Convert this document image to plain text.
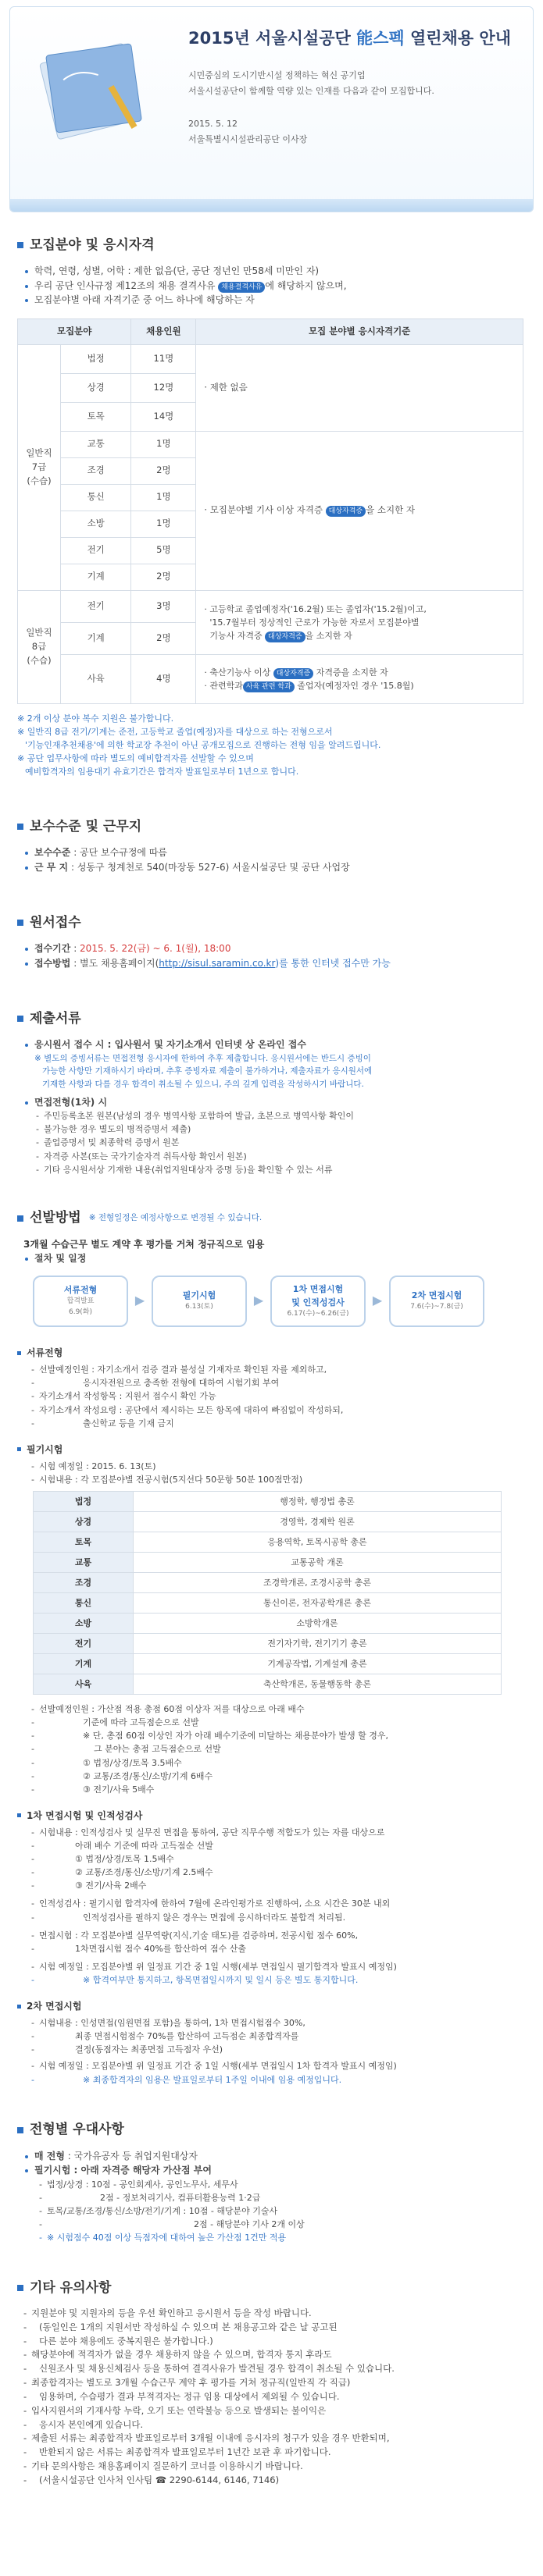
2015년 서울시설공단 能스펙 열린채용 안내
시민중심의 도시기반시설 정책하는 혁신 공기업
서울시설공단이 함께할 역량 있는 인재를 다음과 같이 모집합니다.
2015. 5. 12
서울특별시시설관리공단 이사장
모집분야 및 응시자격
학력, 연령, 성별, 어학 : 제한 없음(단, 공단 정년인 만58세 미만인 자)
우리 공단 인사규정 제12조의 채용 결격사유 채용결격사유 에 해당하지 않으며,
모집분야별 아래 자격기준 중 어느 하나에 해당하는 자
모집분야		채용인원	모집 분야별 응시자격기준
일반직
7급
(수습)	법정	11명	· 제한 없음
	상경	12명	
	토목	14명	
	교통	1명	· 모집분야별 기사 이상 자격증 대상자격증 을 소지한 자
	조경	2명	
	통신	1명	
	소방	1명	
	전기	5명	
	기계	2명	
일반직
8급
(수습)	전기	3명	· 고등학교 졸업예정자('16.2월) 또는 졸업자('15.2월)이고,
'15.7월부터 정상적인 근로가 가능한 자로서 모집분야별
기능사 자격증 대상자격증 을 소지한 자
	기계	2명	
	사육	4명	· 축산기능사 이상 대상자격증 자격증을 소지한 자
· 관련학과 사육 관련 학과 졸업자(예정자인 경우 '15.8월)
※ 2개 이상 분야 복수 지원은 불가합니다.
※ 일반직 8급 전기/기계는 준전, 고등학교 졸업(예정)자를 대상으로 하는 전형으로서
'기능인재추천채용'에 의한 학교장 추천이 아닌 공개모집으로 진행하는 전형 임을 알려드립니다.
※ 공단 업무사항에 따라 별도의 예비합격자를 선발할 수 있으며
예비합격자의 임용대기 유효기간은 합격자 발표일로부터 1년으로 합니다.
보수수준 및 근무지
보수수준 : 공단 보수규정에 따름
근 무 지 : 성동구 청계천로 540(마장동 527-6) 서울시설공단 및 공단 사업장
원서접수
접수기간 : 2015. 5. 22(금) ~ 6. 1(월), 18:00
접수방법 : 별도 채용홈페이지(http://sisul.saramin.co.kr)를 통한 인터넷 접수만 가능
제출서류
응시원서 접수 시 : 입사원서 및 자기소개서 인터넷 상 온라인 접수
※ 별도의 증빙서류는 면접전형 응시자에 한하여 추후 제출합니다. 응시원서에는 반드시 증빙이
가능한 사항만 기재하시기 바라며, 추후 증빙자료 제출이 불가하거나, 제출자료가 응시원서에
기재한 사항과 다를 경우 합격이 취소될 수 있으니, 주의 깊게 입력을 작성하시기 바랍니다.
면접전형(1차) 시
- 주민등록초본 원본(남성의 경우 병역사항 포함하여 발급, 초본으로 병역사항 확인이
- 불가능한 경우 별도의 병적증명서 제출)
- 졸업증명서 및 최종학력 증명서 원본
- 자격증 사본(또는 국가기술자격 취득사항 확인서 원본)
- 기타 응시원서상 기재한 내용(취업지원대상자 증명 등)을 확인할 수 있는 서류
선발방법 ※ 전형일정은 예정사항으로 변경될 수 있습니다.
3개월 수습근무 별도 계약 후 평가를 거쳐 정규직으로 임용
절차 및 일정
서류전형
합격발표
6.9(화)
▶	필기시험
6.13(토)	▶
1차 면접시험
및 인적성검사
6.17(수)~6.26(금)
▶	2차 면접시험
7.6(수)~7.8(금)
서류전형
- 선발예정인원 : 자기소개서 검증 결과 불성실 기재자로 확인된 자를 제외하고,
- 응시자전원으로 충족한 전형에 대하여 시험기회 부여
- 자기소개서 작성항목 : 지원서 접수시 확인 가능
- 자기소개서 작성요령 : 공단에서 제시하는 모든 항목에 대하여 빠짐없이 작성하되,
- 출신학교 등을 기재 금지
필기시험
- 시험 예정일 : 2015. 6. 13(토)
- 시험내용 : 각 모집분야별 전공시험(5지선다 50문항 50분 100점만점)
법정	행정학, 행정법 총론
상경	경영학, 경제학 원론
토목	응용역학, 토목시공학 총론
교통	교통공학 개론
조경	조경학개론, 조경시공학 총론
통신	통신이론, 전자공학개론 총론
소방	소방학개론
전기	전기자기학, 전기기기 총론
기계	기계공작법, 기계설계 총론
사육	축산학개론, 동물행동학 총론
- 선발예정인원 : 가산점 적용 총점 60점 이상자 저를 대상으로 아래 배수
- 기준에 따라 고득점순으로 선발
- ※ 단, 총점 60점 이상인 자가 아래 배수기준에 미달하는 채용분야가 발생 할 경우,
- 그 분야는 총점 고득점순으로 선발
- ① 법정/상경/토목 3.5배수
- ② 교통/조경/통신/소방/기계 6배수
- ③ 전기/사육 5배수
1차 면접시험 및 인적성검사
- 시험내용 : 인적성검사 및 실무진 면접을 통하여, 공단 직무수행 적합도가 있는 자를 대상으로
- 아래 배수 기준에 따라 고득점순 선발
- ① 법정/상경/토목 1.5배수
- ② 교통/조경/통신/소방/기계 2.5배수
- ③ 전기/사육 2배수
- 인적성검사 : 필기시험 합격자에 한하여 7월에 온라인평가로 진행하여, 소요 시간은 30분 내외
- 인적성검사를 필하지 않은 경우는 면접에 응시하더라도 불합격 처리됨.
- 면접시험 : 각 모집분야별 실무역량(지식,기술 태도)를 검증하며, 전공시험 점수 60%,
- 1차면접시험 점수 40%를 합산하여 점수 산출
- 시험 예정일 : 모집분야별 위 일정표 기간 중 1일 시행(세부 면접일시 필기합격자 발표시 예정임)
- ※ 합격여부만 통지하고, 항목면접일시까지 및 일시 등은 별도 통지합니다.
2차 면접시험
- 시험내용 : 인성면접(임원면접 포함)을 통하여, 1차 면접시험점수 30%,
- 최종 면접시험점수 70%를 합산하여 고득점순 최종합격자를
- 결정(동점자는 최종면접 고득점자 우선)
- 시험 예정일 : 모집분야별 위 일정표 기간 중 1일 시행(세부 면접일시 1차 합격자 발표시 예정임)
- ※ 최종합격자의 임용은 발표일로부터 1주일 이내에 임용 예정입니다.
전형별 우대사항
매 전형 : 국가유공자 등 취업지원대상자
필기시험 : 아래 자격증 해당자 가산점 부여
- 법정/상경 : 10점 - 공인회계사, 공인노무사, 세무사
- 2점 - 정보처리기사, 컴퓨터활용능력 1·2급
- 토목/교통/조경/통신/소방/전기/기계 : 10점 - 해당분야 기술사
- 2점 - 해당분야 기사 2개 이상
- ※ 시험점수 40점 이상 득점자에 대하여 높은 가산점 1건만 적용
기타 유의사항
- 지원분야 및 지원자의 등을 우선 확인하고 응시원서 등을 작성 바랍니다.
- (동일인은 1개의 지원서만 작성하실 수 있으며 본 채용공고와 같은 날 공고된
- 다른 분야 채용에도 중복지원은 불가합니다.)
- 해당분야에 적격자가 없을 경우 채용하지 않을 수 있으며, 합격자 통지 후라도
- 신원조사 및 채용신체검사 등을 통하여 결격사유가 발견될 경우 합격이 취소될 수 있습니다.
- 최종합격자는 별도로 3개월 수습근무 계약 후 평가를 거쳐 정규직(일반직 각 직급)
- 임용하며, 수습평가 결과 부적격자는 정규 임용 대상에서 제외될 수 있습니다.
- 입사지원서의 기재사항 누락, 오기 또는 연락불능 등으로 발생되는 불이익은
- 응시자 본인에게 있습니다.
- 제출된 서류는 최종합격자 발표일로부터 3개월 이내에 응시자의 청구가 있을 경우 반환되며,
- 반환되지 않은 서류는 최종합격자 발표일로부터 1년간 보관 후 파기합니다.
- 기타 문의사항은 채용홈페이지 질문하기 코너를 이용하시기 바랍니다.
- (서울시설공단 인사처 인사팀 ☎ 2290-6144, 6146, 7146)
